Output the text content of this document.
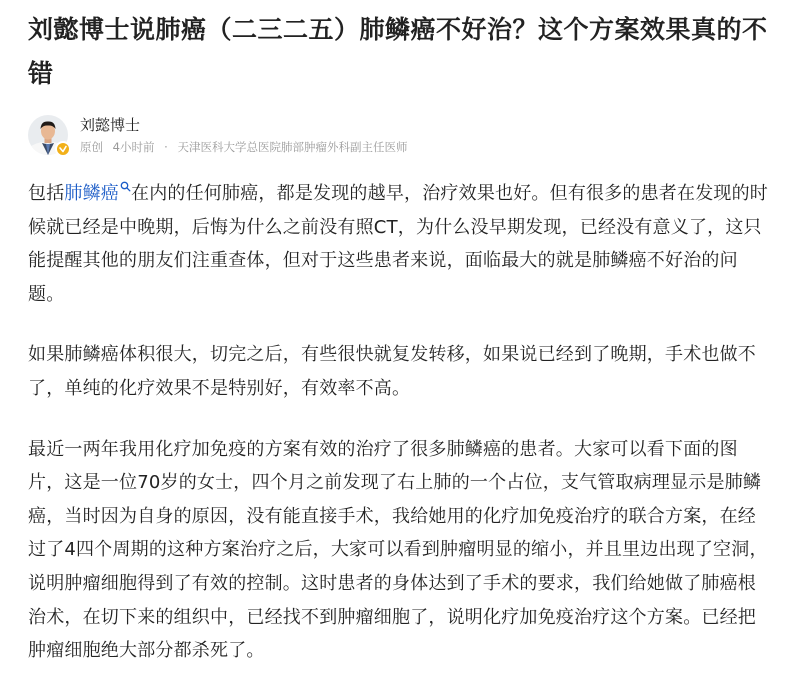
刘懿博士说肺癌（二三二五）肺鳞癌不好治？这个方案效果真的不错
刘懿博士
原创 4小时前 · 天津医科大学总医院肺部肿瘤外科副主任医师

包括肺鳞癌 在内的任何肺癌，都是发现的越早，治疗效果也好。但有很多的患者在发现的时候就已经是中晚期，后悔为什么之前没有照CT，为什么没早期发现，已经没有意义了，这只能提醒其他的朋友们注重查体，但对于这些患者来说，面临最大的就是肺鳞癌不好治的问题。

如果肺鳞癌体积很大，切完之后，有些很快就复发转移，如果说已经到了晚期，手术也做不了，单纯的化疗效果不是特别好，有效率不高。

最近一两年我用化疗加免疫的方案有效的治疗了很多肺鳞癌的患者。大家可以看下面的图片，这是一位70岁的女士，四个月之前发现了右上肺的一个占位，支气管取病理显示是肺鳞癌，当时因为自身的原因，没有能直接手术，我给她用的化疗加免疫治疗的联合方案，在经过了4四个周期的这种方案治疗之后，大家可以看到肿瘤明显的缩小，并且里边出现了空洞，说明肿瘤细胞得到了有效的控制。这时患者的身体达到了手术的要求，我们给她做了肺癌根治术，在切下来的组织中，已经找不到肿瘤细胞了，说明化疗加免疫治疗这个方案。已经把肿瘤细胞绝大部分都杀死了。
